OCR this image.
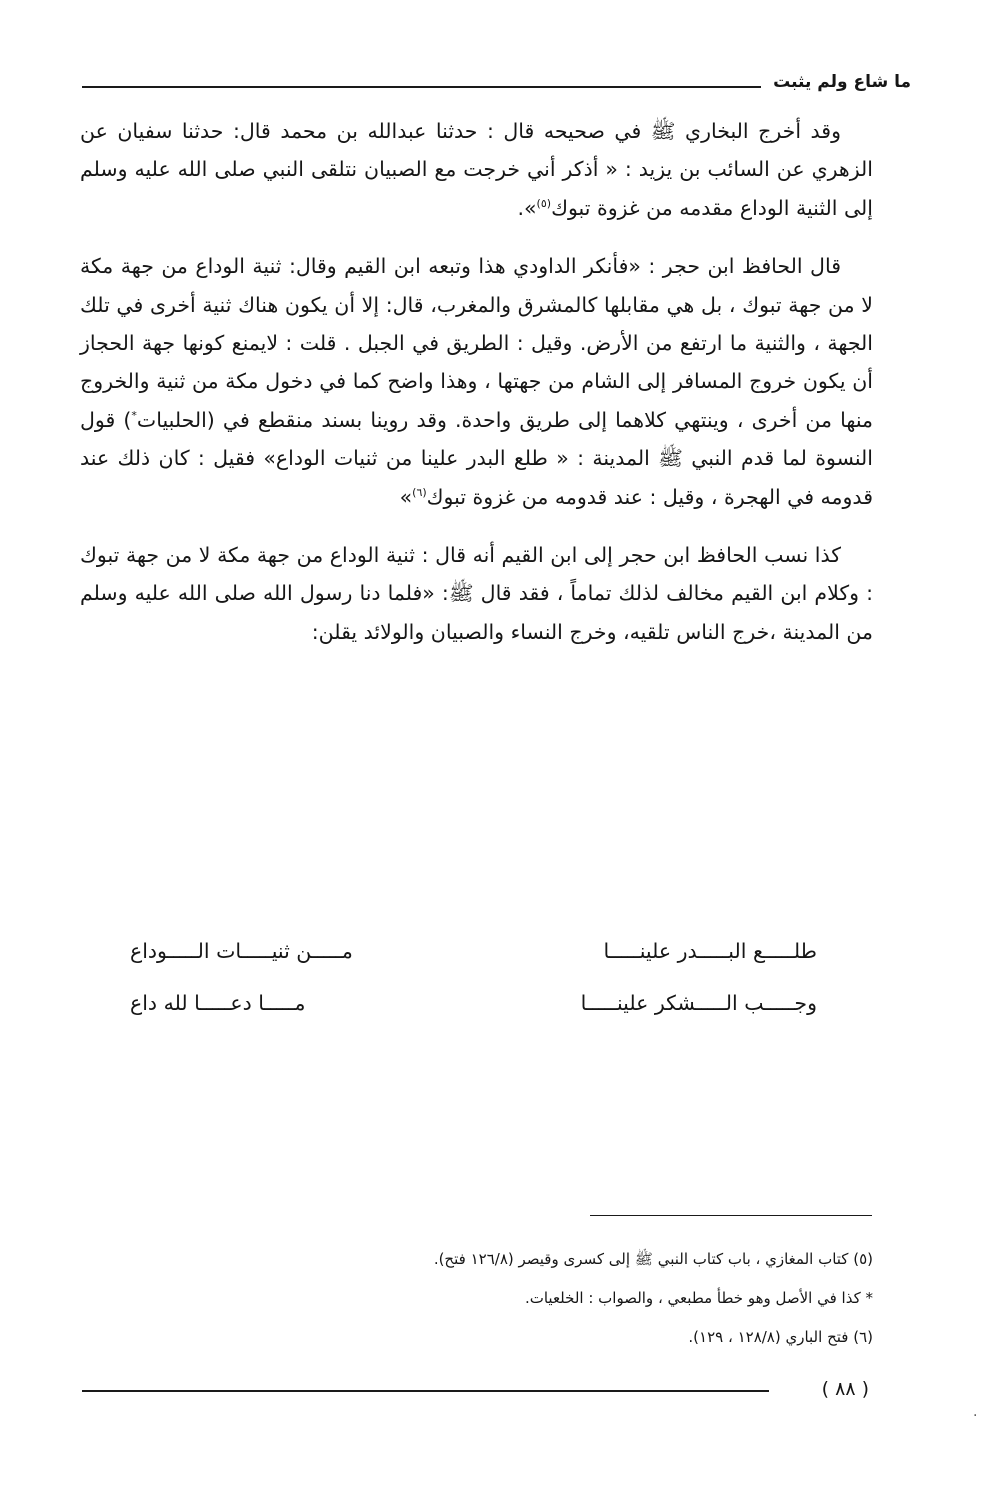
ما شاع ولم يثبت

وقد أخرج البخاري ﷺ في صحيحه قال : حدثنا عبدالله بن محمد قال: حدثنا سفيان عن الزهري عن السائب بن يزيد : « أذكر أني خرجت مع الصبيان نتلقى النبي صلى الله عليه وسلم إلى الثنية الوداع مقدمه من غزوة تبوك$^{(٥)}$».

قال الحافظ ابن حجر : «فأنكر الداودي هذا وتبعه ابن القيم وقال: ثنية الوداع من جهة مكة لا من جهة تبوك ، بل هي مقابلها كالمشرق والمغرب، قال: إلا أن يكون هناك ثنية أخرى في تلك الجهة ، والثنية ما ارتفع من الأرض. وقيل : الطريق في الجبل . قلت : لايمنع كونها جهة الحجاز أن يكون خروج المسافر إلى الشام من جهتها ، وهذا واضح كما في دخول مكة من ثنية والخروج منها من أخرى ، وينتهي كلاهما إلى طريق واحدة. وقد روينا بسند منقطع في (الحلبيات*) قول النسوة لما قدم النبي ﷺ المدينة : « طلع البدر علينا من ثنيات الوداع» فقيل : كان ذلك عند قدومه في الهجرة ، وقيل : عند قدومه من غزوة تبوك$^{(٦)}$»

كذا نسب الحافظ ابن حجر إلى ابن القيم أنه قال : ثنية الوداع من جهة مكة لا من جهة تبوك : وكلام ابن القيم مخالف لذلك تماماً ، فقد قال ﷺ: «فلما دنا رسول الله صلى الله عليه وسلم من المدينة ،خرج الناس تلقيه، وخرج النساء والصبيان والولائد يقلن:

طلـــــع البـــــدر علينـــــا
مـــــن ثنيـــــات الـــــوداع
وجـــــب الـــــشكر علينـــــا
مـــــا دعـــــا لله داع
(٥) كتاب المغازي ، باب كتاب النبي ﷺ إلى كسرى وقيصر (١٢٦/٨ فتح).
* كذا في الأصل وهو خطأ مطبعي ، والصواب : الخلعيات.
(٦) فتح الباري (١٢٨/٨ ، ١٢٩).
( ٨٨ )
·
